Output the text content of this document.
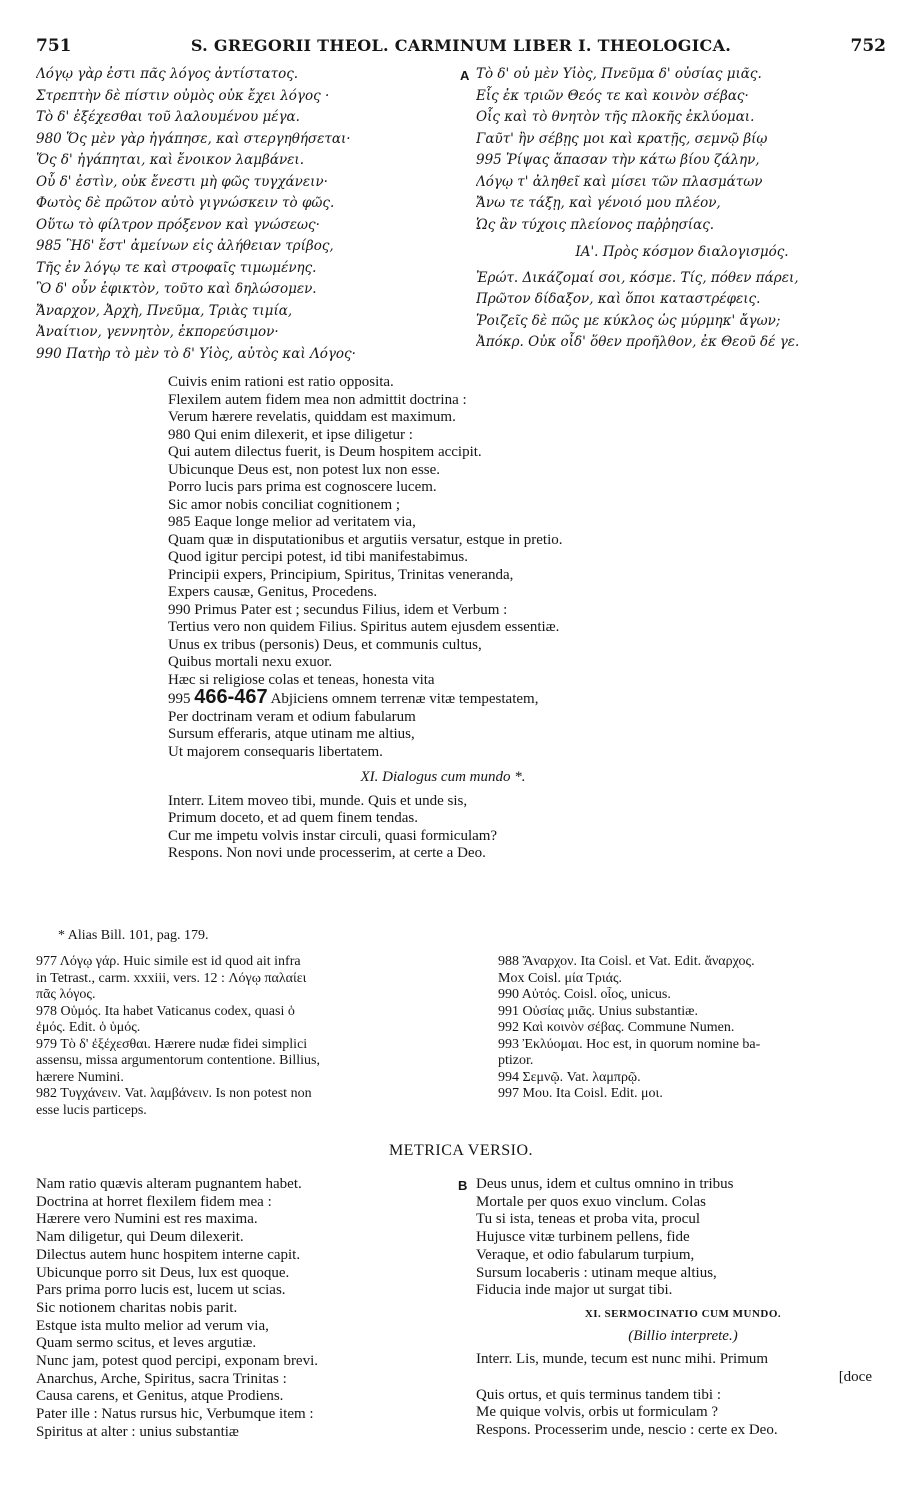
751	S. GREGORII THEOL. CARMINUM LIBER I. THEOLOGICA.	752
Λόγῳ γὰρ ἐστι πᾶς λόγος ἀντίστατος.
Στρεπτὴν δὲ πίστιν οὐμὸς οὐκ ἔχει λόγος ·
Τὸ δ' ἐξέχεσθαι τοῦ λαλουμένου μέγα.
980 Ὅς μὲν γὰρ ἠγάπησε, καὶ στεργηθήσεται·
Ὅς δ' ἠγάπηται, καὶ ἔνοικον λαμβάνει.
Οὗ δ' ἐστὶν, οὐκ ἔνεστι μὴ φῶς τυγχάνειν·
Φωτὸς δὲ πρῶτον αὐτὸ γιγνώσκειν τὸ φῶς.
Οὕτω τὸ φίλτρον πρόξενον καὶ γνώσεως·
985 Ἣδ' ἔστ' ἀμείνων εἰς ἀλήθειαν τρίβος,
Τῆς ἐν λόγῳ τε καὶ στροφαῖς τιμωμένης.
Ὃ δ' οὖν ἐφικτὸν, τοῦτο καὶ δηλώσομεν.
Ἄναρχον, Ἀρχὴ, Πνεῦμα, Τριὰς τιμία,
Ἀναίτιον, γεννητὸν, ἐκπορεύσιμον·
990 Πατὴρ τὸ μὲν τὸ δ' Υἱὸς, αὐτὸς καὶ Λόγος·
A Τὸ δ' οὐ μὲν Υἱὸς, Πνεῦμα δ' οὐσίας μιᾶς.
Εἷς ἐκ τριῶν Θεός τε καὶ κοινὸν σέβας·
Οἷς καὶ τὸ θνητὸν τῆς πλοκῆς ἐκλύομαι.
Γαῦτ' ἢν σέβῃς μοι καὶ κρατῇς, σεμνῷ βίῳ
995 Ῥίψας ἅπασαν τὴν κάτω βίου ζάλην,
Λόγῳ τ' ἀληθεῖ καὶ μίσει τῶν πλασμάτων
Ἄνω τε τάξῃ, καὶ γένοιό μου πλέον,
Ὡς ἂν τύχοις πλείονος παῤῥησίας.
ΙΑ'. Πρὸς κόσμον διαλογισμός.
Ἐρώτ. Δικάζομαί σοι, κόσμε. Τίς, πόθεν πάρει,
Πρῶτον δίδαξον, καὶ ὅποι καταστρέφεις.
Ῥοιζεῖς δὲ πῶς με κύκλος ὡς μύρμηκ' ἄγων;
Ἀπόκρ. Οὐκ οἶδ' ὅθεν προῆλθον, ἐκ Θεοῦ δέ γε.
Cuivis enim rationi est ratio opposita.
Flexilem autem fidem mea non admittit doctrina :
Verum hærere revelatis, quiddam est maximum.
980 Qui enim dilexerit, et ipse diligetur :
Qui autem dilectus fuerit, is Deum hospitem accipit.
Ubicunque Deus est, non potest lux non esse.
Porro lucis pars prima est cognoscere lucem.
Sic amor nobis conciliat cognitionem ;
985 Eaque longe melior ad veritatem via,
Quam quæ in disputationibus et argutiis versatur, estque in pretio.
Quod igitur percipi potest, id tibi manifestabimus.
Principii expers, Principium, Spiritus, Trinitas veneranda,
Expers causæ, Genitus, Procedens.
990 Primus Pater est ; secundus Filius, idem et Verbum :
Tertius vero non quidem Filius. Spiritus autem ejusdem essentiæ.
Unus ex tribus (personis) Deus, et communis cultus,
Quibus mortali nexu exuor.
Hæc si religiose colas et teneas, honesta vita
995 466-467 Abjiciens omnem terrenæ vitæ tempestatem,
Per doctrinam veram et odium fabularum
Sursum efferaris, atque utinam me altius,
Ut majorem consequaris libertatem.
XI. Dialogus cum mundo *.
Interr. Litem moveo tibi, munde. Quis et unde sis,
Primum doceto, et ad quem finem tendas.
Cur me impetu volvis instar circuli, quasi formiculam?
Respons. Non novi unde processerim, at certe a Deo.
* Alias Bill. 101, pag. 179.
977 Λόγῳ γάρ. Huic simile est id quod ait infra
in Tetrast., carm. xxxiii, vers. 12 : Λόγῳ παλαίει
πᾶς λόγος.
978 Οὑμός. Ita habet Vaticanus codex, quasi ὁ
ἐμός. Edit. ὁ ὑμός.
979 Τὸ δ' ἐξέχεσθαι. Hærere nudæ fidei simplici
assensu, missa argumentorum contentione. Billius,
hærere Numini.
982 Τυγχάνειν. Vat. λαμβάνειν. Is non potest non
esse lucis particeps.
988 Ἄναρχον. Ita Coisl. et Vat. Edit. ἄναρχος.
Mox Coisl. μία Τριάς.
990 Αὐτός. Coisl. οἶος, unicus.
991 Οὐσίας μιᾶς. Unius substantiæ.
992 Καὶ κοινὸν σέβας. Commune Numen.
993 Ἐκλύομαι. Hoc est, in quorum nomine ba-
ptizor.
994 Σεμνῷ. Vat. λαμπρῷ.
997 Μου. Ita Coisl. Edit. μοι.
METRICA VERSIO.
Nam ratio quævis alteram pugnantem habet.
Doctrina at horret flexilem fidem mea :
Hærere vero Numini est res maxima.
Nam diligetur, qui Deum dilexerit.
Dilectus autem hunc hospitem interne capit.
Ubicunque porro sit Deus, lux est quoque.
Pars prima porro lucis est, lucem ut scias.
Sic notionem charitas nobis parit.
Estque ista multo melior ad verum via,
Quam sermo scitus, et leves argutiæ.
Nunc jam, potest quod percipi, exponam brevi.
Anarchus, Arche, Spiritus, sacra Trinitas :
Causa carens, et Genitus, atque Prodiens.
Pater ille : Natus rursus hic, Verbumque item :
Spiritus at alter : unius substantiæ
B Deus unus, idem et cultus omnino in tribus
Mortale per quos exuo vinclum. Colas
Tu si ista, teneas et proba vita, procul
Hujusce vitæ turbinem pellens, fide
Veraque, et odio fabularum turpium,
Sursum locaberis : utinam meque altius,
Fiducia inde major ut surgat tibi.
XI. SERMOCINATIO CUM MUNDO.
(Billio interprete.)
Interr. Lis, munde, tecum est nunc mihi. Primum
[doce
Quis ortus, et quis terminus tandem tibi :
Me quique volvis, orbis ut formiculam ?
Respons. Processerim unde, nescio : certe ex Deo.
